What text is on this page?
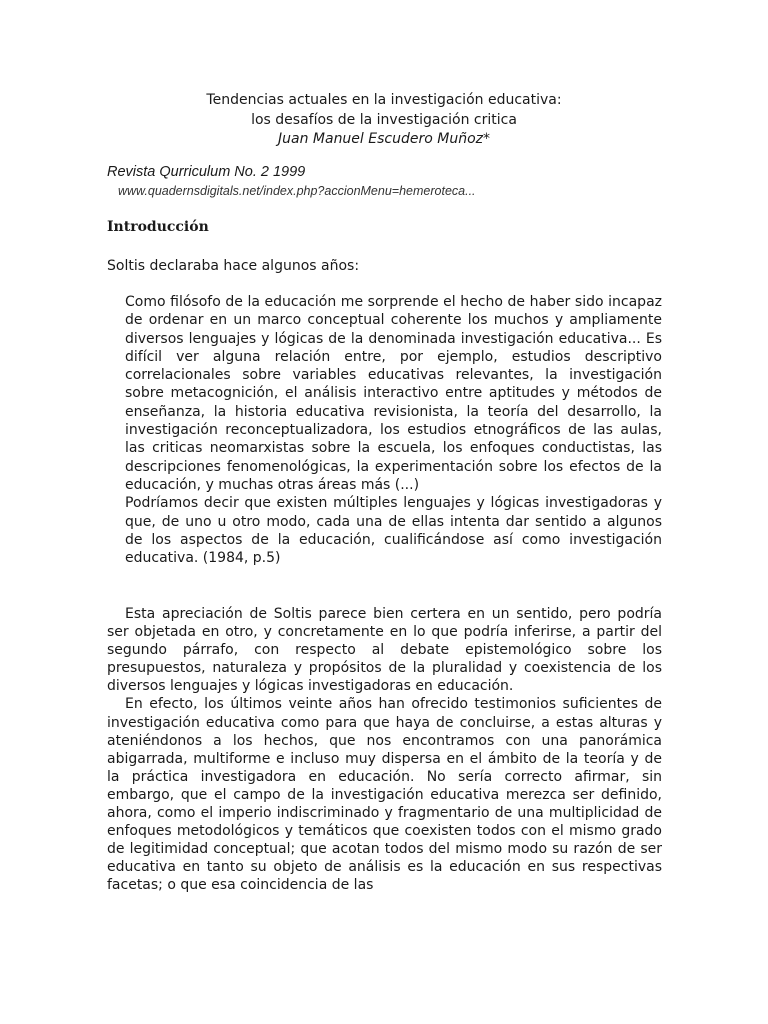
Tendencias actuales en la investigación educativa:
los desafíos de la investigación critica
Juan Manuel Escudero Muñoz*
Revista Qurriculum No. 2 1999
www.quadernsdigitals.net/index.php?accionMenu=hemeroteca...
Introducción
Soltis declaraba hace algunos años:

Como filósofo de la educación me sorprende el hecho de haber sido incapaz de ordenar en un marco conceptual coherente los muchos y ampliamente diversos lenguajes y lógicas de la denominada investigación educativa... Es difícil ver alguna relación entre, por ejemplo, estudios descriptivo correlacionales sobre variables educativas relevantes, la investigación sobre metacognición, el análisis interactivo entre aptitudes y métodos de enseñanza, la historia educativa revisionista, la teoría del desarrollo, la investigación reconceptualizadora, los estudios etnográficos de las aulas, las criticas neomarxistas sobre la escuela, los enfoques conductistas, las descripciones fenomenológicas, la experimentación sobre los efectos de la educación, y muchas otras áreas más (...)

Podríamos decir que existen múltiples lenguajes y lógicas investigadoras y que, de uno u otro modo, cada una de ellas intenta dar sentido a algunos de los aspectos de la educación, cualificándose así como investigación educativa. (1984, p.5)

Esta apreciación de Soltis parece bien certera en un sentido, pero podría ser objetada en otro, y concretamente en lo que podría inferirse, a partir del segundo párrafo, con respecto al debate epistemológico sobre los presupuestos, naturaleza y propósitos de la pluralidad y coexistencia de los diversos lenguajes y lógicas investigadoras en educación.

En efecto, los últimos veinte años han ofrecido testimonios suficientes de investigación educativa como para que haya de concluirse, a estas alturas y ateniéndonos a los hechos, que nos encontramos con una panorámica abigarrada, multiforme e incluso muy dispersa en el ámbito de la teoría y de la práctica investigadora en educación. No sería correcto afirmar, sin embargo, que el campo de la investigación educativa merezca ser definido, ahora, como el imperio indiscriminado y fragmentario de una multiplicidad de enfoques metodológicos y temáticos que coexisten todos con el mismo grado de legitimidad conceptual; que acotan todos del mismo modo su razón de ser educativa en tanto su objeto de análisis es la educación en sus respectivas facetas; o que esa coincidencia de las
